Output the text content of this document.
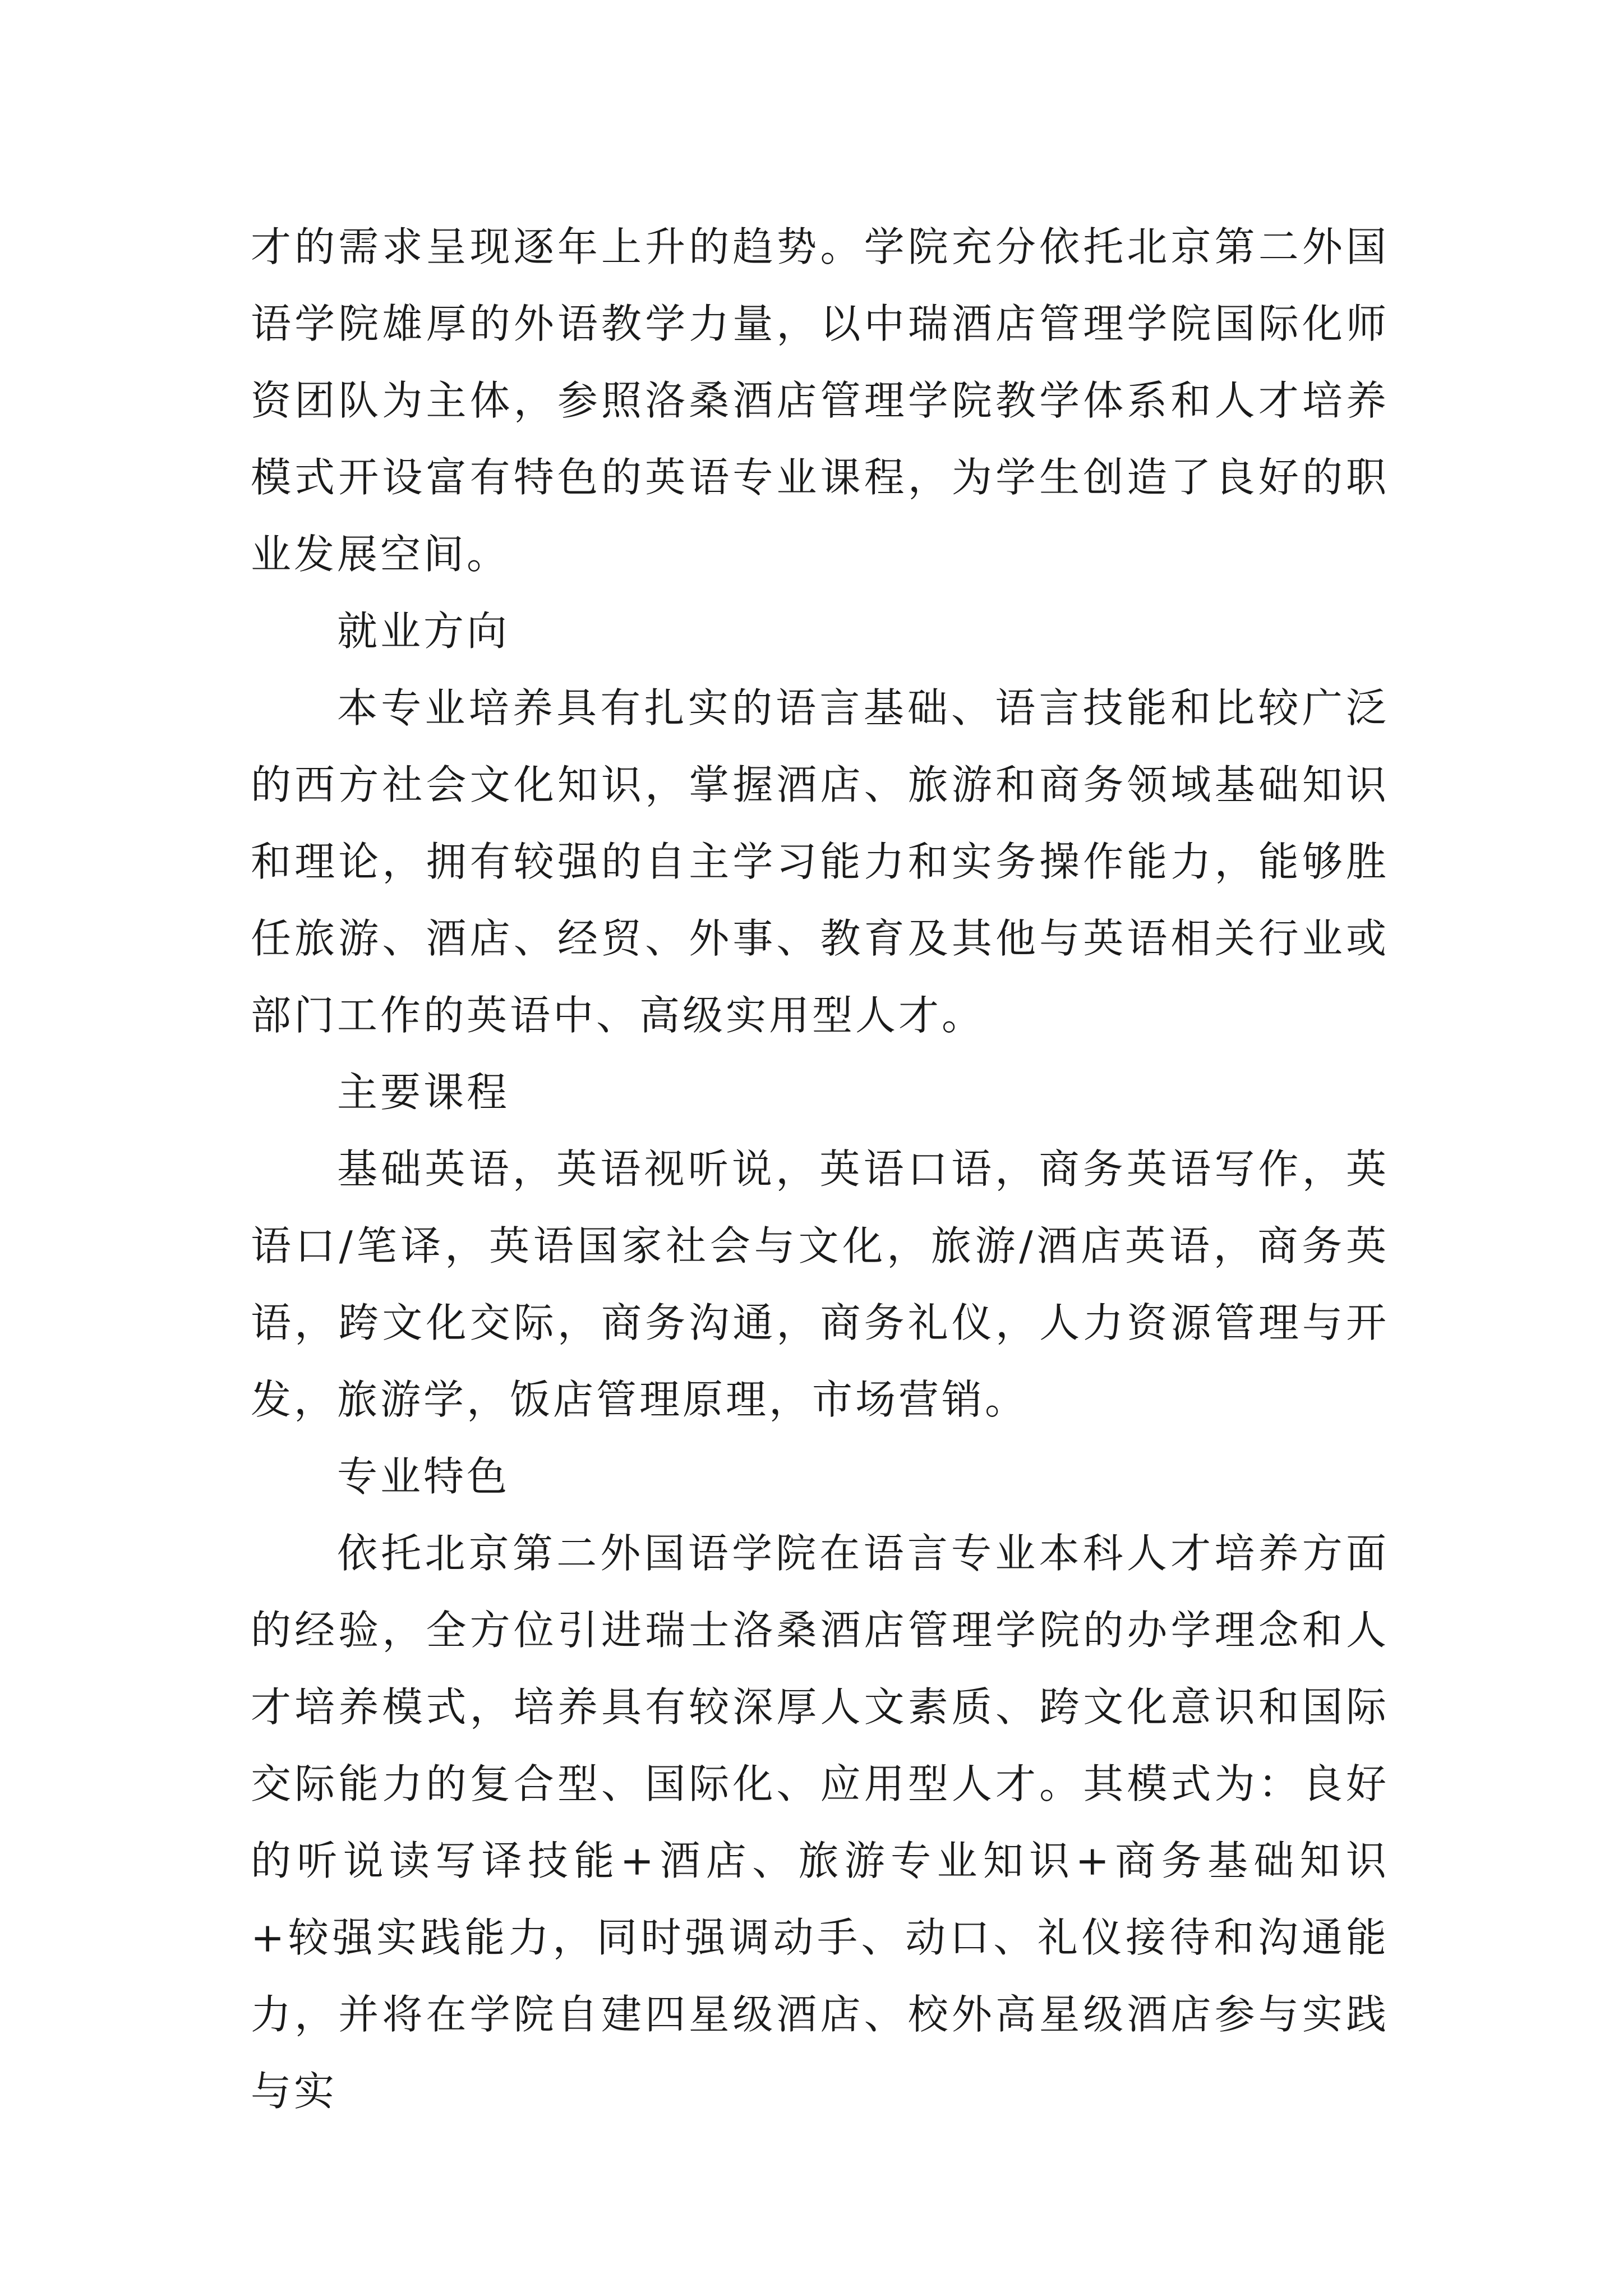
才的需求呈现逐年上升的趋势。学院充分依托北京第二外国语学院雄厚的外语教学力量，以中瑞酒店管理学院国际化师资团队为主体，参照洛桑酒店管理学院教学体系和人才培养模式开设富有特色的英语专业课程，为学生创造了良好的职业发展空间。

就业方向

本专业培养具有扎实的语言基础、语言技能和比较广泛的西方社会文化知识，掌握酒店、旅游和商务领域基础知识和理论，拥有较强的自主学习能力和实务操作能力，能够胜任旅游、酒店、经贸、外事、教育及其他与英语相关行业或部门工作的英语中、高级实用型人才。

主要课程

基础英语，英语视听说，英语口语，商务英语写作，英语口/笔译，英语国家社会与文化，旅游/酒店英语，商务英语，跨文化交际，商务沟通，商务礼仪，人力资源管理与开发，旅游学，饭店管理原理，市场营销。

专业特色

依托北京第二外国语学院在语言专业本科人才培养方面的经验，全方位引进瑞士洛桑酒店管理学院的办学理念和人才培养模式，培养具有较深厚人文素质、跨文化意识和国际交际能力的复合型、国际化、应用型人才。其模式为：良好的听说读写译技能+酒店、旅游专业知识+商务基础知识+较强实践能力，同时强调动手、动口、礼仪接待和沟通能力，并将在学院自建四星级酒店、校外高星级酒店参与实践与实
